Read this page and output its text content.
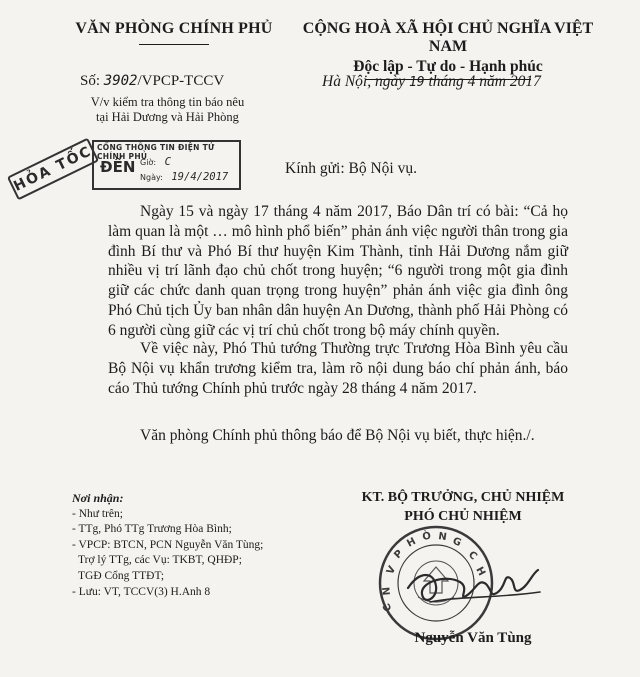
VĂN PHÒNG CHÍNH PHỦ	CỘNG HOÀ XÃ HỘI CHỦ NGHĨA VIỆT NAM
Độc lập - Tự do - Hạnh phúc
Số: 3902/VPCP-TCCV
V/v kiểm tra thông tin báo nêu
tại Hải Dương và Hải Phòng
Hà Nội, ngày 19 tháng 4 năm 2017
HỎA TỐC CỔNG THÔNG TIN ĐIỆN TỬ CHÍNH PHỦ
ĐẾN Giờ: C
Ngày: 19/4/2017	Kính gửi: Bộ Nội vụ.

Ngày 15 và ngày 17 tháng 4 năm 2017, Báo Dân trí có bài: “Cả họ làm quan là một … mô hình phổ biến” phản ánh việc người thân trong gia đình Bí thư và Phó Bí thư huyện Kim Thành, tỉnh Hải Dương nắm giữ nhiều vị trí lãnh đạo chủ chốt trong huyện; “6 người trong một gia đình giữ các chức danh quan trọng trong huyện” phản ánh việc gia đình ông Phó Chủ tịch Ủy ban nhân dân huyện An Dương, thành phố Hải Phòng có 6 người cùng giữ các vị trí chủ chốt trong bộ máy chính quyền.

Về việc này, Phó Thủ tướng Thường trực Trương Hòa Bình yêu cầu Bộ Nội vụ khẩn trương kiểm tra, làm rõ nội dung báo chí phản ánh, báo cáo Thủ tướng Chính phủ trước ngày 28 tháng 4 năm 2017.

Văn phòng Chính phủ thông báo để Bộ Nội vụ biết, thực hiện./.

Nơi nhận:
- Như trên;
- TTg, Phó TTg Trương Hòa Bình;
- VPCP: BTCN, PCN Nguyễn Văn Tùng;
Trợ lý TTg, các Vụ: TKBT, QHĐP;
TGĐ Cổng TTĐT;
- Lưu: VT, TCCV(3) H.Anh 8
KT. BỘ TRƯỞNG, CHỦ NHIỆM
PHÓ CHỦ NHIỆM
V
P
H Ò N G
C
H
N
C
Nguyễn Văn Tùng
